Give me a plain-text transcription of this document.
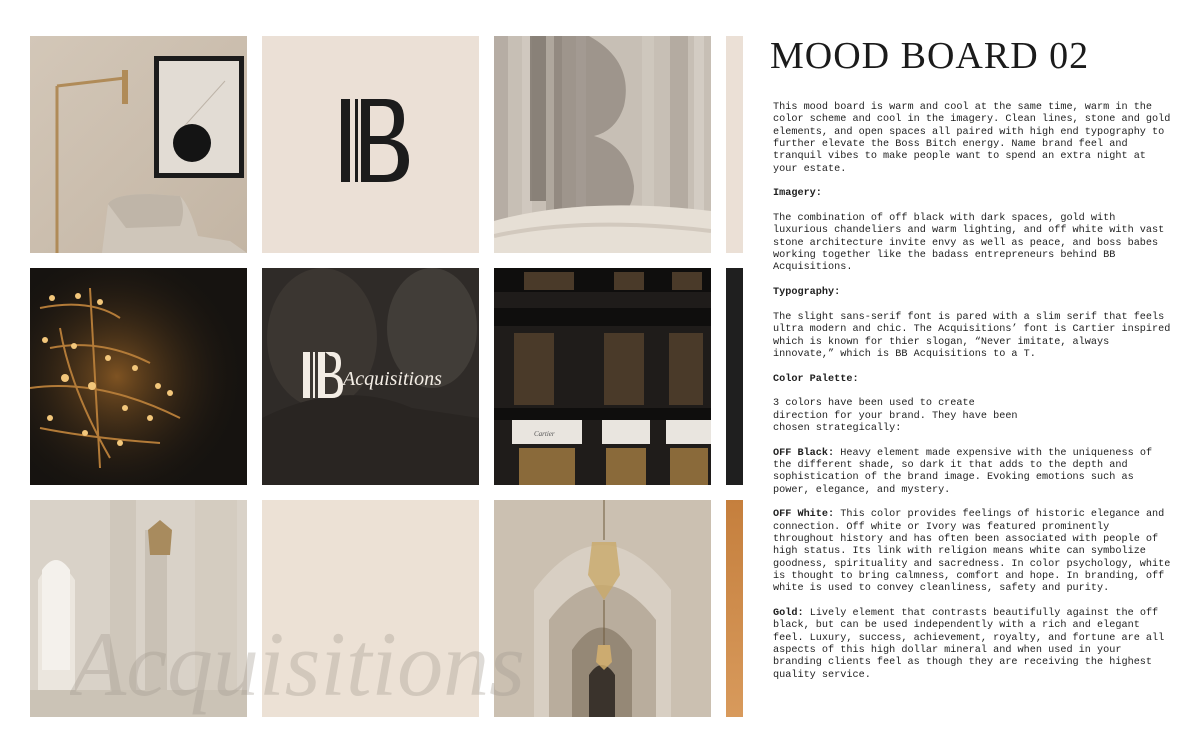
Acquisitions
Cartier
Acquisitions
MOOD BOARD 02

This mood board is warm and cool at the same time, warm in the color scheme and cool in the imagery. Clean lines, stone and gold elements, and open spaces all paired with high end typography to further elevate the Boss Bitch energy. Name brand feel and tranquil vibes to make people want to spend an extra night at your estate.

Imagery:

The combination of off black with dark spaces, gold with luxurious chandeliers and warm lighting, and off white with vast stone architecture invite envy as well as peace, and boss babes working together like the badass entrepreneurs behind BB Acquisitions.

Typography:

The slight sans-serif font is pared with a slim serif that feels ultra modern and chic. The Acquisitions’ font is Cartier inspired which is known for thier slogan, “Never imitate, always innovate,” which is BB Acquisitions to a T.

Color Palette:

3 colors have been used to create
direction for your brand. They have been
chosen strategically:

OFF Black: Heavy element made expensive with the uniqueness of the different shade, so dark it that adds to the depth and sophistication of the brand image. Evoking emotions such as power, elegance, and mystery.

OFF White: This color provides feelings of historic elegance and connection. Off white or Ivory was featured prominently throughout history and has often been associated with people of high status. Its link with religion means white can symbolize goodness, spirituality and sacredness. In color psychology, white is thought to bring calmness, comfort and hope. In branding, off white is used to convey cleanliness, safety and purity.

Gold: Lively element that contrasts beautifully against the off black, but can be used independently with a rich and elegant feel. Luxury, success, achievement, royalty, and fortune are all aspects of this high dollar mineral and when used in your branding clients feel as though they are receiving the highest quality service.
